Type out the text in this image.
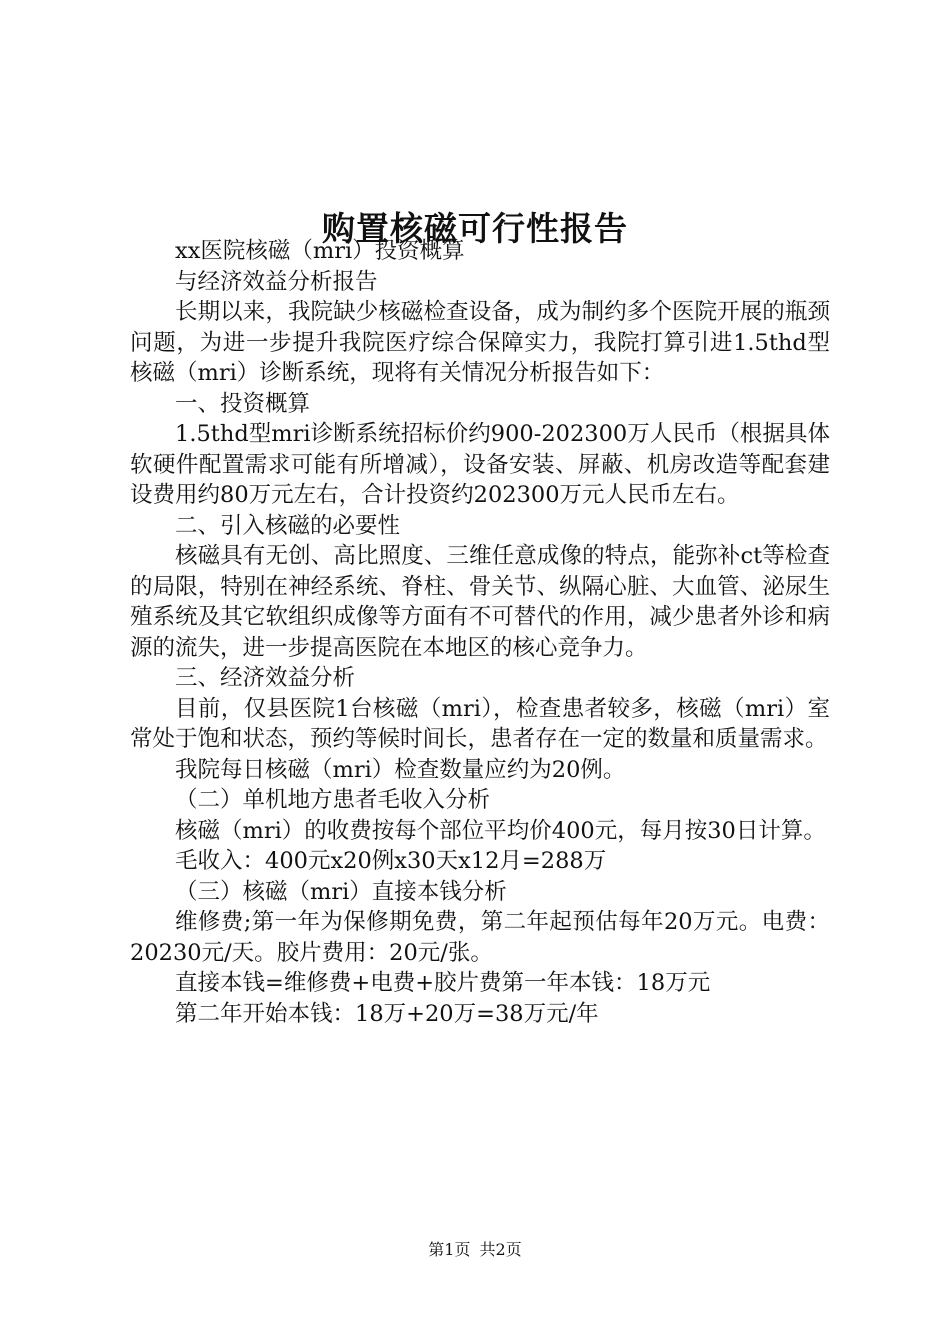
购置核磁可行性报告

xx医院核磁（mri）投资概算

与经济效益分析报告

长期以来，我院缺少核磁检查设备，成为制约多个医院开展的瓶颈问题，为进一步提升我院医疗综合保障实力，我院打算引进1.5thd型核磁（mri）诊断系统，现将有关情况分析报告如下：

一、投资概算

1.5thd型mri诊断系统招标价约900-202300万人民币（根据具体软硬件配置需求可能有所增减），设备安装、屏蔽、机房改造等配套建设费用约80万元左右，合计投资约202300万元人民币左右。

二、引入核磁的必要性

核磁具有无创、高比照度、三维任意成像的特点，能弥补ct等检查的局限，特别在神经系统、脊柱、骨关节、纵隔心脏、大血管、泌尿生殖系统及其它软组织成像等方面有不可替代的作用，减少患者外诊和病源的流失，进一步提高医院在本地区的核心竞争力。

三、经济效益分析

目前，仅县医院1台核磁（mri），检查患者较多，核磁（mri）室常处于饱和状态，预约等候时间长，患者存在一定的数量和质量需求。

我院每日核磁（mri）检查数量应约为20例。

（二）单机地方患者毛收入分析

核磁（mri）的收费按每个部位平均价400元，每月按30日计算。

毛收入：400元x20例x30天x12月=288万

（三）核磁（mri）直接本钱分析

维修费;第一年为保修期免费，第二年起预估每年20万元。电费：20230元/天。胶片费用：20元/张。

直接本钱=维修费+电费+胶片费第一年本钱：18万元

第二年开始本钱：18万+20万=38万元/年

第1页 共2页
